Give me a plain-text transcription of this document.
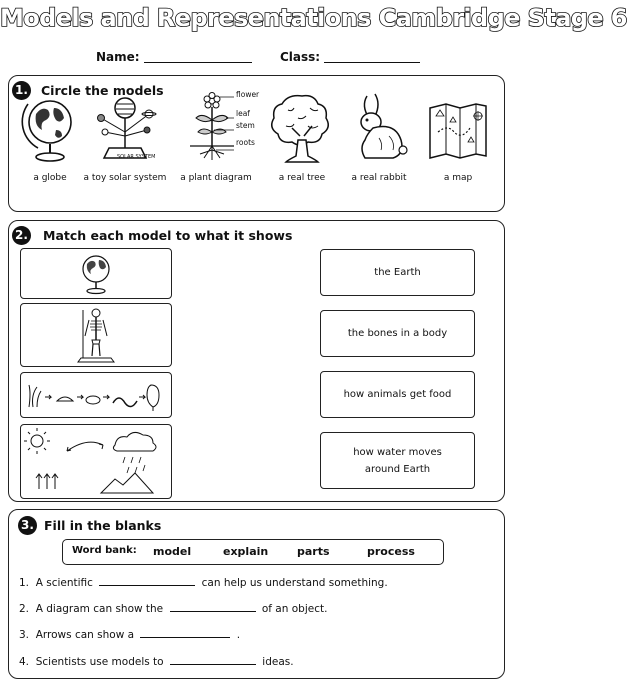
Models and Representations Cambridge Stage 6
Name:	Class:
1. Circle the models
a globe
SOLAR SYSTEM
a toy solar system
flower
leaf
stem
roots
a plant diagram	a real tree	a real rabbit	a map
2. Match each model to what it shows
the Earth
the bones in a body
how animals get food
how water moves
around Earth
3. Fill in the blanks
Word bank: model	explain	parts	process
1. A scientific	can help us understand something.
2. A diagram can show the	of an object.
3. Arrows can show a	.
4. Scientists use models to	ideas.
